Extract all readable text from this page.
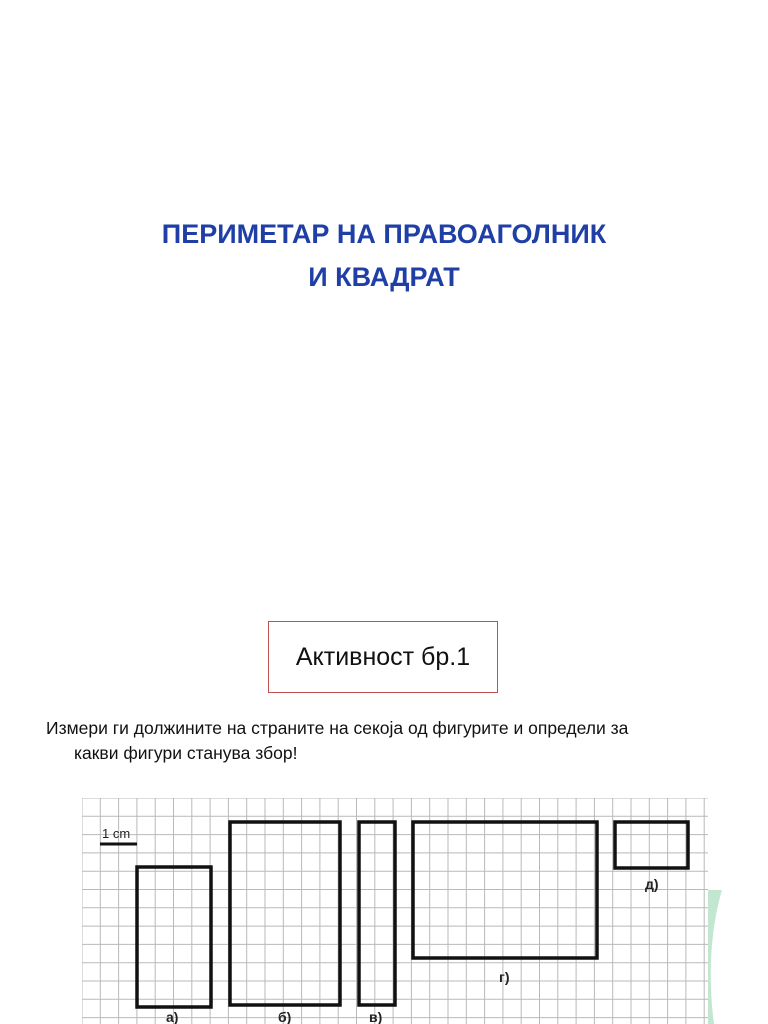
ПЕРИМЕТАР НА ПРАВОАГОЛНИК
И КВАДРАТ
Активност бр.1
Измери ги должините на страните на секоја од фигурите и определи за
какви фигури станува збор!
1 cm
а)	б)	в)
г)
д)
